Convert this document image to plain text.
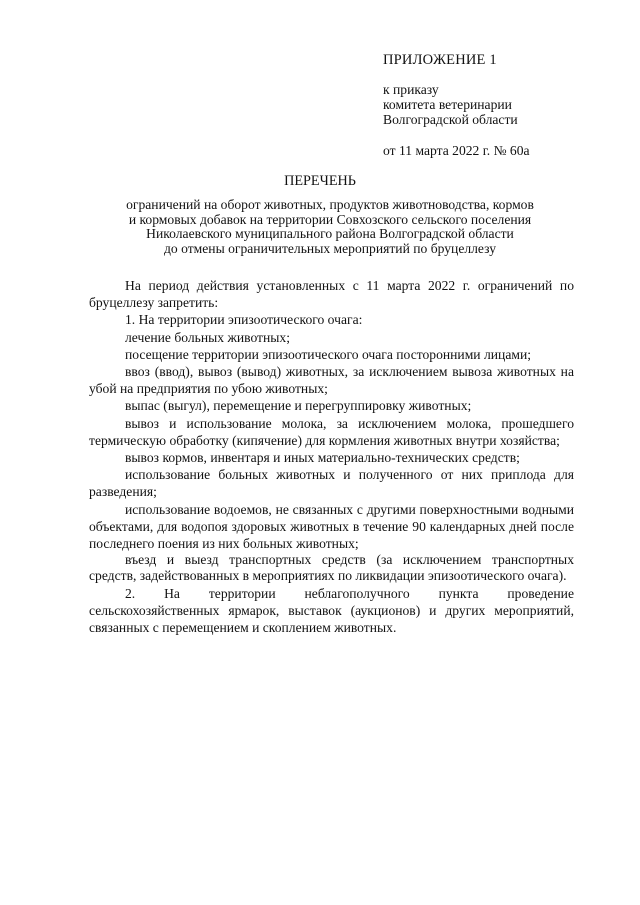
ПРИЛОЖЕНИЕ 1
к приказу
комитета ветеринарии
Волгоградской области
от 11 марта 2022 г. № 60а
ПЕРЕЧЕНЬ
ограничений на оборот животных, продуктов животноводства, кормов
и кормовых добавок на территории Совхозского сельского поселения
Николаевского муниципального района Волгоградской области
до отмены ограничительных мероприятий по бруцеллезу

На период действия установленных с 11 марта 2022 г. ограничений по бруцеллезу запретить:

1. На территории эпизоотического очага:

лечение больных животных;

посещение территории эпизоотического очага посторонними лицами;

ввоз (ввод), вывоз (вывод) животных, за исключением вывоза животных на убой на предприятия по убою животных;

выпас (выгул), перемещение и перегруппировку животных;

вывоз и использование молока, за исключением молока, прошедшего термическую обработку (кипячение) для кормления животных внутри хозяйства;

вывоз кормов, инвентаря и иных материально-технических средств;

использование больных животных и полученного от них приплода для разведения;

использование водоемов, не связанных с другими поверхностными водными объектами, для водопоя здоровых животных в течение 90 календарных дней после последнего поения из них больных животных;

въезд и выезд транспортных средств (за исключением транспортных средств, задействованных в мероприятиях по ликвидации эпизоотического очага).

2. На территории неблагополучного пункта проведение сельскохозяйственных ярмарок, выставок (аукционов) и других мероприятий, связанных с перемещением и скоплением животных.
